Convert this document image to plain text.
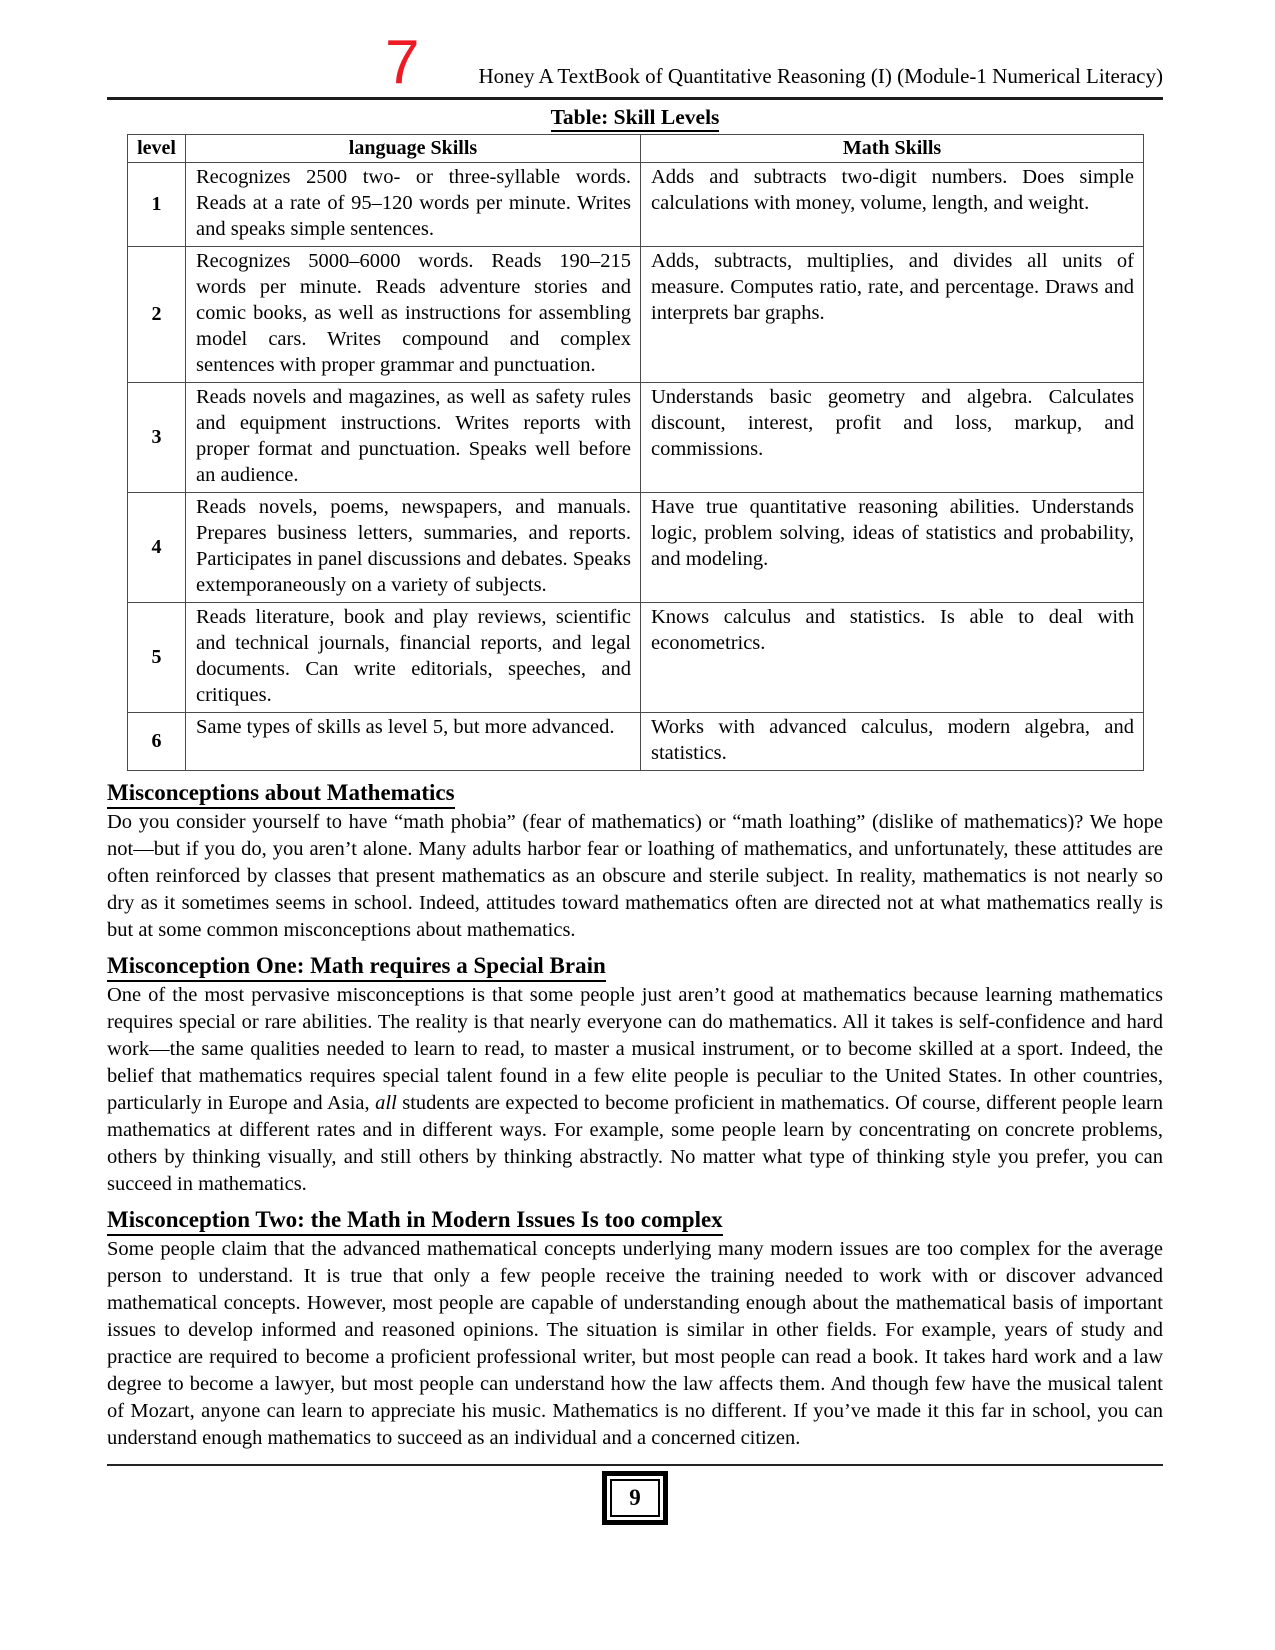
7	Honey A TextBook of Quantitative Reasoning (I) (Module-1 Numerical Literacy)
Table: Skill Levels
level	language Skills	Math Skills
1	Recognizes 2500 two- or three-syllable words. Reads at a rate of 95–120 words per minute. Writes and speaks simple sentences.	Adds and subtracts two-digit numbers. Does simple calculations with money, volume, length, and weight.
2	Recognizes 5000–6000 words. Reads 190–215 words per minute. Reads adventure stories and comic books, as well as instructions for assembling model cars. Writes compound and complex sentences with proper grammar and punctuation.	Adds, subtracts, multiplies, and divides all units of measure. Computes ratio, rate, and percentage. Draws and interprets bar graphs.
3	Reads novels and magazines, as well as safety rules and equipment instructions. Writes reports with proper format and punctuation. Speaks well before an audience.	Understands basic geometry and algebra. Calculates discount, interest, profit and loss, markup, and commissions.
4	Reads novels, poems, newspapers, and manuals. Prepares business letters, summaries, and reports. Participates in panel discussions and debates. Speaks extemporaneously on a variety of subjects.	Have true quantitative reasoning abilities. Understands logic, problem solving, ideas of statistics and probability, and modeling.
5	Reads literature, book and play reviews, scientific and technical journals, financial reports, and legal documents. Can write editorials, speeches, and critiques.	Knows calculus and statistics. Is able to deal with econometrics.
6	Same types of skills as level 5, but more advanced.	Works with advanced calculus, modern algebra, and statistics.
Misconceptions about Mathematics

Do you consider yourself to have “math phobia” (fear of mathematics) or “math loathing” (dislike of mathematics)? We hope not—but if you do, you aren’t alone. Many adults harbor fear or loathing of mathematics, and unfortunately, these attitudes are often reinforced by classes that present mathematics as an obscure and sterile subject. In reality, mathematics is not nearly so dry as it sometimes seems in school. Indeed, attitudes toward mathematics often are directed not at what mathematics really is but at some common misconceptions about mathematics.

Misconception One: Math requires a Special Brain

One of the most pervasive misconceptions is that some people just aren’t good at mathematics because learning mathematics requires special or rare abilities. The reality is that nearly everyone can do mathematics. All it takes is self-confidence and hard work—the same qualities needed to learn to read, to master a musical instrument, or to become skilled at a sport. Indeed, the belief that mathematics requires special talent found in a few elite people is peculiar to the United States. In other countries, particularly in Europe and Asia, all students are expected to become proficient in mathematics. Of course, different people learn mathematics at different rates and in different ways. For example, some people learn by concentrating on concrete problems, others by thinking visually, and still others by thinking abstractly. No matter what type of thinking style you prefer, you can succeed in mathematics.

Misconception Two: the Math in Modern Issues Is too complex

Some people claim that the advanced mathematical concepts underlying many modern issues are too complex for the average person to understand. It is true that only a few people receive the training needed to work with or discover advanced mathematical concepts. However, most people are capable of understanding enough about the mathematical basis of important issues to develop informed and reasoned opinions. The situation is similar in other fields. For example, years of study and practice are required to become a proficient professional writer, but most people can read a book. It takes hard work and a law degree to become a lawyer, but most people can understand how the law affects them. And though few have the musical talent of Mozart, anyone can learn to appreciate his music. Mathematics is no different. If you’ve made it this far in school, you can understand enough mathematics to succeed as an individual and a concerned citizen.

9
